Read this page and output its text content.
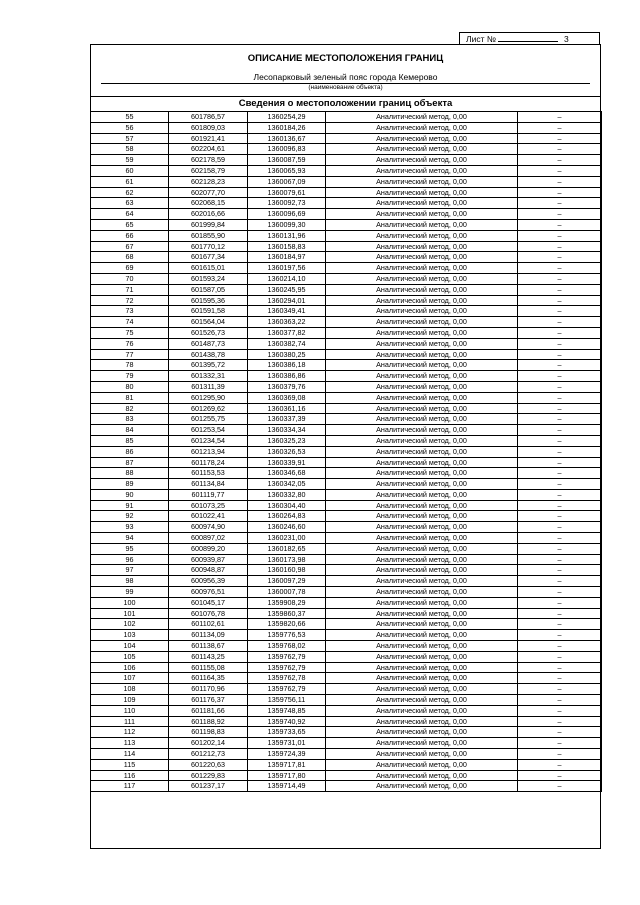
Лист №	3
ОПИСАНИЕ МЕСТОПОЛОЖЕНИЯ ГРАНИЦ
Лесопарковый зеленый пояс города Кемерово
(наименование объекта)
Сведения о местоположении границ объекта
55	601786,57	1360254,29	Аналитический метод, 0,00	–
56	601809,03	1360184,26	Аналитический метод, 0,00	–
57	601921,41	1360136,67	Аналитический метод, 0,00	–
58	602204,61	1360096,83	Аналитический метод, 0,00	–
59	602178,59	1360087,59	Аналитический метод, 0,00	–
60	602158,79	1360065,93	Аналитический метод, 0,00	–
61	602128,23	1360067,09	Аналитический метод, 0,00	–
62	602077,70	1360079,61	Аналитический метод, 0,00	–
63	602068,15	1360092,73	Аналитический метод, 0,00	–
64	602016,66	1360096,69	Аналитический метод, 0,00	–
65	601999,84	1360099,30	Аналитический метод, 0,00	–
66	601855,90	1360131,96	Аналитический метод, 0,00	–
67	601770,12	1360158,83	Аналитический метод, 0,00	–
68	601677,34	1360184,97	Аналитический метод, 0,00	–
69	601615,01	1360197,56	Аналитический метод, 0,00	–
70	601593,24	1360214,10	Аналитический метод, 0,00	–
71	601587,05	1360245,95	Аналитический метод, 0,00	–
72	601595,36	1360294,01	Аналитический метод, 0,00	–
73	601591,58	1360349,41	Аналитический метод, 0,00	–
74	601564,04	1360363,22	Аналитический метод, 0,00	–
75	601526,73	1360377,82	Аналитический метод, 0,00	–
76	601487,73	1360382,74	Аналитический метод, 0,00	–
77	601438,78	1360380,25	Аналитический метод, 0,00	–
78	601395,72	1360386,18	Аналитический метод, 0,00	–
79	601332,31	1360386,86	Аналитический метод, 0,00	–
80	601311,39	1360379,76	Аналитический метод, 0,00	–
81	601295,90	1360369,08	Аналитический метод, 0,00	–
82	601269,62	1360361,16	Аналитический метод, 0,00	–
83	601255,75	1360337,39	Аналитический метод, 0,00	–
84	601253,54	1360334,34	Аналитический метод, 0,00	–
85	601234,54	1360325,23	Аналитический метод, 0,00	–
86	601213,94	1360326,53	Аналитический метод, 0,00	–
87	601178,24	1360339,91	Аналитический метод, 0,00	–
88	601153,53	1360346,68	Аналитический метод, 0,00	–
89	601134,84	1360342,05	Аналитический метод, 0,00	–
90	601119,77	1360332,80	Аналитический метод, 0,00	–
91	601073,25	1360304,40	Аналитический метод, 0,00	–
92	601022,41	1360264,83	Аналитический метод, 0,00	–
93	600974,90	1360246,60	Аналитический метод, 0,00	–
94	600897,02	1360231,00	Аналитический метод, 0,00	–
95	600899,20	1360182,65	Аналитический метод, 0,00	–
96	600939,87	1360173,98	Аналитический метод, 0,00	–
97	600948,87	1360160,98	Аналитический метод, 0,00	–
98	600956,39	1360097,29	Аналитический метод, 0,00	–
99	600976,51	1360007,78	Аналитический метод, 0,00	–
100	601045,17	1359908,29	Аналитический метод, 0,00	–
101	601076,78	1359860,37	Аналитический метод, 0,00	–
102	601102,61	1359820,66	Аналитический метод, 0,00	–
103	601134,09	1359776,53	Аналитический метод, 0,00	–
104	601138,67	1359768,02	Аналитический метод, 0,00	–
105	601143,25	1359762,79	Аналитический метод, 0,00	–
106	601155,08	1359762,79	Аналитический метод, 0,00	–
107	601164,35	1359762,78	Аналитический метод, 0,00	–
108	601170,96	1359762,79	Аналитический метод, 0,00	–
109	601176,37	1359756,11	Аналитический метод, 0,00	–
110	601181,66	1359748,85	Аналитический метод, 0,00	–
111	601188,92	1359740,92	Аналитический метод, 0,00	–
112	601198,83	1359733,65	Аналитический метод, 0,00	–
113	601202,14	1359731,01	Аналитический метод, 0,00	–
114	601212,73	1359724,39	Аналитический метод, 0,00	–
115	601220,63	1359717,81	Аналитический метод, 0,00	–
116	601229,83	1359717,80	Аналитический метод, 0,00	–
117	601237,17	1359714,49	Аналитический метод, 0,00	–
